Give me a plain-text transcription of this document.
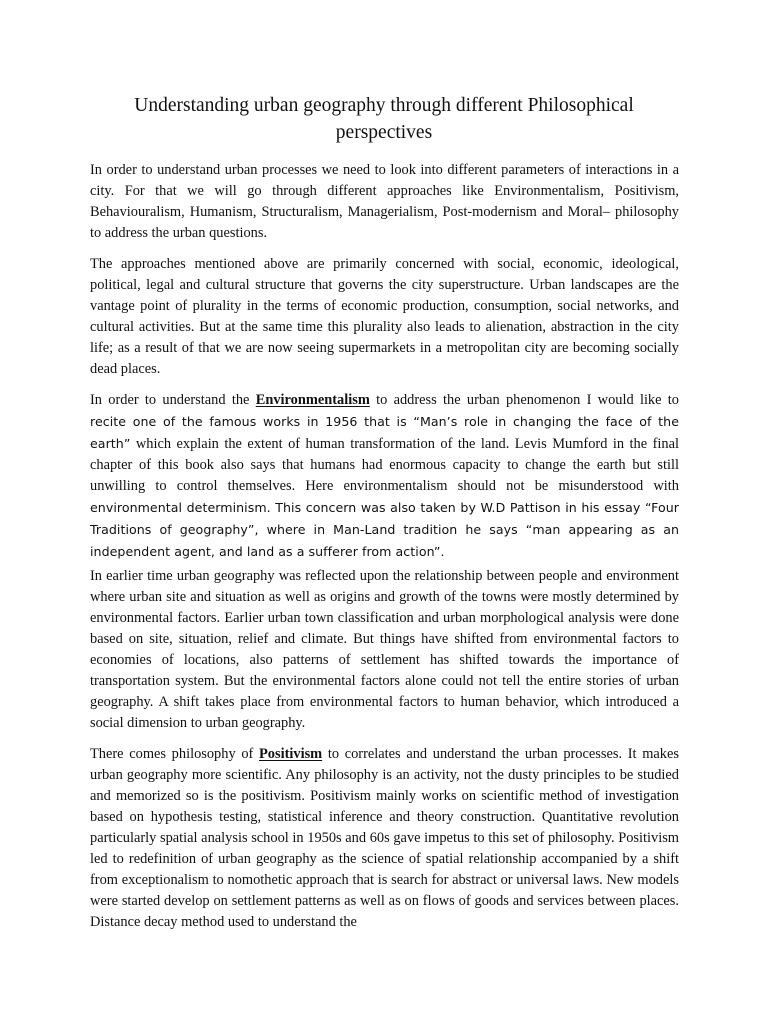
Understanding urban geography through different Philosophical perspectives

In order to understand urban processes we need to look into different parameters of interactions in a city. For that we will go through different approaches like Environmentalism, Positivism, Behaviouralism, Humanism, Structuralism, Managerialism, Post-modernism and Moral– philosophy to address the urban questions.

The approaches mentioned above are primarily concerned with social, economic, ideological, political, legal and cultural structure that governs the city superstructure. Urban landscapes are the vantage point of plurality in the terms of economic production, consumption, social networks, and cultural activities. But at the same time this plurality also leads to alienation, abstraction in the city life; as a result of that we are now seeing supermarkets in a metropolitan city are becoming socially dead places.

In order to understand the Environmentalism to address the urban phenomenon I would like to recite one of the famous works in 1956 that is “Man’s role in changing the face of the earth” which explain the extent of human transformation of the land. Levis Mumford in the final chapter of this book also says that humans had enormous capacity to change the earth but still unwilling to control themselves. Here environmentalism should not be misunderstood with environmental determinism. This concern was also taken by W.D Pattison in his essay “Four Traditions of geography”, where in Man-Land tradition he says “man appearing as an independent agent, and land as a sufferer from action”.

In earlier time urban geography was reflected upon the relationship between people and environment where urban site and situation as well as origins and growth of the towns were mostly determined by environmental factors. Earlier urban town classification and urban morphological analysis were done based on site, situation, relief and climate. But things have shifted from environmental factors to economies of locations, also patterns of settlement has shifted towards the importance of transportation system. But the environmental factors alone could not tell the entire stories of urban geography. A shift takes place from environmental factors to human behavior, which introduced a social dimension to urban geography.

There comes philosophy of Positivism to correlates and understand the urban processes. It makes urban geography more scientific. Any philosophy is an activity, not the dusty principles to be studied and memorized so is the positivism. Positivism mainly works on scientific method of investigation based on hypothesis testing, statistical inference and theory construction. Quantitative revolution particularly spatial analysis school in 1950s and 60s gave impetus to this set of philosophy. Positivism led to redefinition of urban geography as the science of spatial relationship accompanied by a shift from exceptionalism to nomothetic approach that is search for abstract or universal laws. New models were started develop on settlement patterns as well as on flows of goods and services between places. Distance decay method used to understand the
